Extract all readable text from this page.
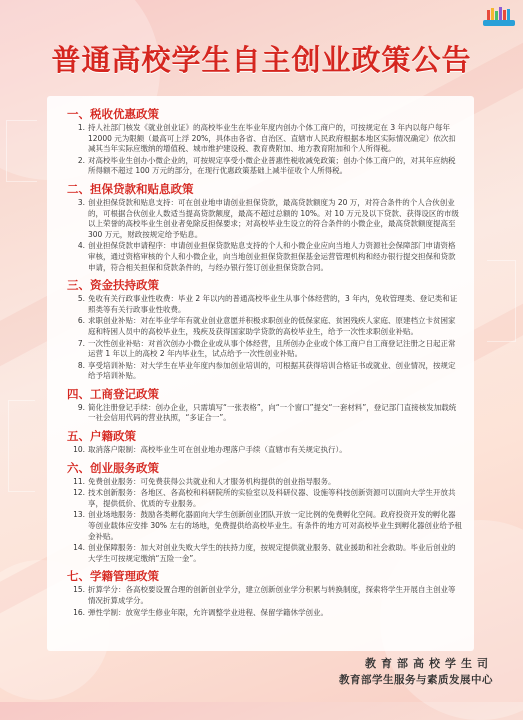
普通高校学生自主创业政策公告
一、税收优惠政策
1. 持人社部门核发《就业创业证》的高校毕业生在毕业年度内创办个体工商户的，可按规定在 3 年内以每户每年 12000 元为限额（最高可上浮 20%，具体由各省、自治区、直辖市人民政府根据本地区实际情况确定）依次扣减其当年实际应缴纳的增值税、城市维护建设税、教育费附加、地方教育附加和个人所得税。
2. 对高校毕业生创办小微企业的，可按规定享受小微企业普惠性税收减免政策；创办个体工商户的，对其年应纳税所得额不超过 100 万元的部分，在现行优惠政策基础上减半征收个人所得税。
二、担保贷款和贴息政策
3. 创业担保贷款和贴息支持：可在创业地申请创业担保贷款，最高贷款额度为 20 万，对符合条件的个人合伙创业的，可根据合伙创业人数适当提高贷款额度，最高不超过总额的 10%。对 10 万元及以下贷款、获得设区的市级以上荣誉的高校毕业生创业者免除反担保要求；对高校毕业生设立的符合条件的小微企业，最高贷款额度提高至 300 万元，财政按规定给予贴息。
4. 创业担保贷款申请程序：申请创业担保贷款贴息支持的个人和小微企业应向当地人力资源社会保障部门申请资格审核，通过资格审核的个人和小微企业，向当地创业担保贷款担保基金运营管理机构和经办银行提交担保和贷款申请，符合相关担保和贷款条件的，与经办银行签订创业担保贷款合同。
三、资金扶持政策
5. 免收有关行政事业性收费：毕业 2 年以内的普通高校毕业生从事个体经营的，3 年内，免收管理类、登记类和证照类等有关行政事业性收费。
6. 求职创业补贴：对在毕业学年有就业创业意愿并积极求职创业的低保家庭、贫困残疾人家庭、原建档立卡贫困家庭和特困人员中的高校毕业生，残疾及获得国家助学贷款的高校毕业生，给予一次性求职创业补贴。
7. 一次性创业补贴：对首次创办小微企业或从事个体经营，且所创办企业或个体工商户自工商登记注册之日起正常运营 1 年以上的高校 2 年内毕业生，试点给予一次性创业补贴。
8. 享受培训补贴：对大学生在毕业年度内参加创业培训的，可根据其获得培训合格证书或就业、创业情况，按规定给予培训补贴。
四、工商登记政策
9. 简化注册登记手续：创办企业，只需填写“一张表格”，向“一个窗口”提交“一套材料”，登记部门直接核发加载统一社会信用代码的营业执照，“多证合一”。
五、户籍政策
10. 取消落户限制：高校毕业生可在创业地办理落户手续（直辖市有关规定执行）。
六、创业服务政策
11. 免费创业服务：可免费获得公共就业和人才服务机构提供的创业指导服务。
12. 技术创新服务：各地区、各高校和科研院所的实验室以及科研仪器、设施等科技创新资源可以面向大学生开放共享，提供低价、优质的专业服务。
13. 创业场地服务：鼓励各类孵化器面向大学生创新创业团队开放一定比例的免费孵化空间。政府投资开发的孵化器等创业载体应安排 30% 左右的场地，免费提供给高校毕业生。有条件的地方可对高校毕业生到孵化器创业给予租金补贴。
14. 创业保障服务：加大对创业失败大学生的扶持力度，按规定提供就业服务、就业援助和社会救助。毕业后创业的大学生可按规定缴纳“五险一金”。
七、学籍管理政策
15. 折算学分：各高校要设置合理的创新创业学分，建立创新创业学分积累与转换制度，探索将学生开展自主创业等情况折算成学分。
16. 弹性学制：放宽学生修业年限，允许调整学业进程、保留学籍休学创业。
教育部高校学生司
教育部学生服务与素质发展中心
